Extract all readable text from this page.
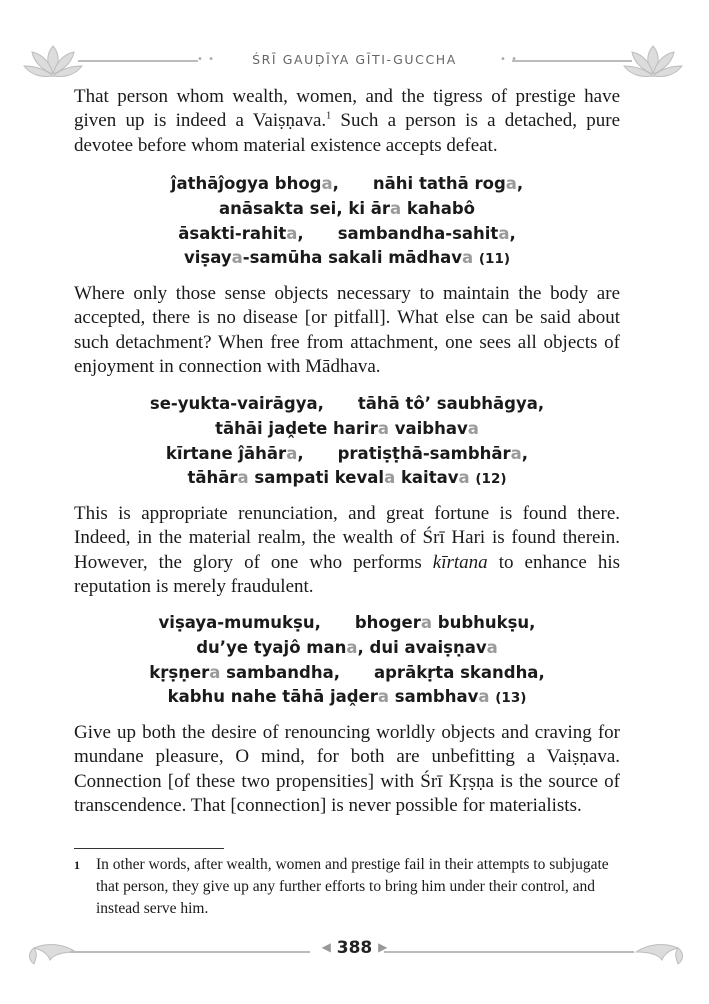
• •	• •
ŚRĪ GAUḌĪYA GĪTI-GUCCHA
That person whom wealth, women, and the tigress of prestige have given up is indeed a Vaiṣṇava.$^1$ Such a person is a detached, pure devotee before whom material existence accepts defeat.
ĵathāĵogya bhoga, nāhi tathā roga,
anāsakta sei, ki āra kahabô
āsakti-rahita, sambandha-sahita,
viṣaya-samūha sakali mādhava (11)
Where only those sense objects necessary to maintain the body are accepted, there is no disease [or pitfall]. What else can be said about such detachment? When free from attachment, one sees all objects of enjoyment in connection with Mādhava.
se-yukta-vairāgya, tāhā tô’ saubhāgya,
tāhāi jaḓete harira vaibhava
kīrtane ĵāhāra, pratiṣṭhā-sambhāra,
tāhāra sampati kevala kaitava (12)
This is appropriate renunciation, and great fortune is found there. Indeed, in the material realm, the wealth of Śrī Hari is found therein. However, the glory of one who performs kīrtana to enhance his reputation is merely fraudulent.
viṣaya-mumukṣu, bhogera bubhukṣu,
du’ye tyajô mana, dui avaiṣṇava
kṛṣṇera sambandha, aprākṛta skandha,
kabhu nahe tāhā jaḓera sambhava (13)
Give up both the desire of renouncing worldly objects and craving for mundane pleasure, O mind, for both are unbefitting a Vaiṣṇava. Connection [of these two propensities] with Śrī Kṛṣṇa is the source of transcendence. That [connection] is never possible for materialists.
1 In other words, after wealth, women and prestige fail in their attempts to subjugate that person, they give up any further efforts to bring him under their control, and instead serve him.
◀ 388 ▶
